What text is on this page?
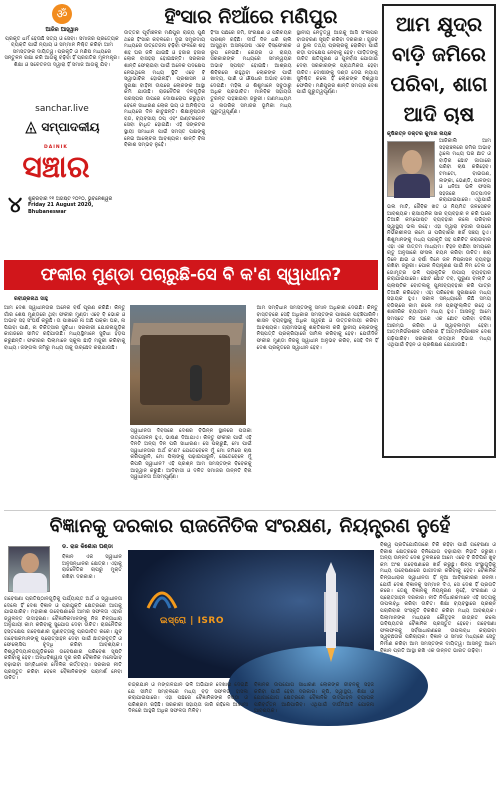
ॐ
ଆଜିର ଆହ୍ୱାନ
ପ୍ରକୃତ ଧର୍ମ ହେଉଛି ସତ୍ୟ ଓ ସେବା। ସମାଜର ପ୍ରତ୍ୟେକ ବ୍ୟକ୍ତି ପାଇଁ ନ୍ୟାୟ ଓ ସମ୍ମାନ ନିଶ୍ଚିତ କରିବା ଆମ ସମସ୍ତଙ୍କ ଦାୟିତ୍ୱ। ପ୍ରକୃତି ଓ ମଣିଷ ମଧ୍ୟରେ ସନ୍ତୁଳନ ରକ୍ଷା କରି ଆଗକୁ ବଢ଼ିବା ହିଁ ପ୍ରଗତିର ମୂଳମନ୍ତ୍ର। ଶିକ୍ଷା ଓ ସଚେତନତା ଦ୍ୱାରା ହିଁ ସମାଜ ଆଗକୁ ଯିବ।
sanchar.live
ସମ୍ପାଦକୀୟ
ସଞ୍ଚାର
DAINIK
୪	ଶୁକ୍ରବାର ୨୧ ଅଗଷ୍ଟ ୨୦୨୦, ଭୁବନେଶ୍ୱର
Friday 21 August 2020,
Bhubaneswar
ହିଂସାର ନିଆଁରେ ମଣିପୁର
ଉତ୍ତର ପୂର୍ବାଞ୍ଚଳର ମଣିପୁର ରାଜ୍ୟ ପୁଣି ଥରେ ହିଂସାର କବଳରେ। ଦୁଇ ସମ୍ପ୍ରଦାୟ ମଧ୍ୟରେ ଉତ୍ତେଜନା ବଢ଼ିବା ଫଳରେ ଶହ ଶହ ଘର ଜଳି ଯାଇଛି ଓ ହଜାର ହଜାର ଲୋକ ବାସହରା ହୋଇଛନ୍ତି। ସରକାର ଶାନ୍ତି ଫେରାଇବା ପାଇଁ ଅନେକ ପଦକ୍ଷେପ ନେଇଥିଲେ ମଧ୍ୟ ସ୍ଥିତି ଏବେ ବି ସ୍ୱାଭାବିକ ହୋଇନାହିଁ। ପ୍ରଶାସନ ଓ ସୁରକ୍ଷା ବାହିନୀ ଉପରେ ଲୋକଙ୍କ ଆସ୍ଥା କମି ଯାଉଛି। ରାଜନୈତିକ ଦଳଗୁଡ଼ିକ ପରସ୍ପର ଉପରେ ଦୋଷାରୋପ କରୁଥିବା ବେଳେ ସାଧାରଣ ଲୋକ ଭୟ ଓ ଅନିଶ୍ଚିତତା ମଧ୍ୟରେ ଦିନ କାଟୁଛନ୍ତି। ଶିକ୍ଷାନୁଷ୍ଠାନ ବନ୍ଦ, ବ୍ୟବସାୟ ଠପ୍ ଏବଂ ଇଣ୍ଟରନେଟ ସେବା ବାଧିତ ହୋଇଛି। ଏହି ସଙ୍କଟର ସ୍ଥାୟୀ ସମାଧାନ ପାଇଁ ସମସ୍ତ ପକ୍ଷଙ୍କୁ ନେଇ ଆଲୋଚନା ଆବଶ୍ୟକ। ଶାନ୍ତି ବିନା ବିକାଶ ସମ୍ଭବ ନୁହେଁ।
ହିଂସା ପଛରେ ଜମି, ସଂରକ୍ଷଣ ଓ ପରିଚୟର ପ୍ରଶ୍ନ ରହିଛି। ଦୀର୍ଘ ଦିନ ଧରି ଚାଲି ଆସୁଥିବା ଅସନ୍ତୋଷ ଏବେ ବିସ୍ଫୋରକ ରୂପ ନେଇଛି। କେନ୍ଦ୍ର ଓ ରାଜ୍ୟ ସରକାରଙ୍କ ମଧ୍ୟରେ ସମନ୍ୱୟର ଅଭାବ ସ୍ପଷ୍ଟ ହୋଇଛି। ଆଶ୍ରୟ ଶିବିରରେ ରହୁଥିବା ଲୋକଙ୍କ ପାଇଁ ଖାଦ୍ୟ, ପାଣି ଓ ଔଷଧର ଅଭାବ ଦେଖା ଦେଇଛି। ମହିଳା ଓ ଶିଶୁମାନେ ସବୁଠାରୁ ଅଧିକ ପ୍ରଭାବିତ। ମାନବିକ ସହାୟତା ତୁରନ୍ତ ପହଞ୍ଚାଇବା ଜରୁରୀ। ଗଣମାଧ୍ୟମ ଓ ନାଗରିକ ସମାଜର ଭୂମିକା ମଧ୍ୟ ଗୁରୁତ୍ୱପୂର୍ଣ୍ଣ।
ସ୍ଥାନୀୟ ନେତୃତ୍ୱ ଆଗକୁ ଆସି ସଂଳାପର ବାତାବରଣ ସୃଷ୍ଟି କରିବା ଦରକାର। ଗୁଜବ ଓ ଭୁଲ ତଥ୍ୟ ପ୍ରଚାରକୁ ରୋକିବା ପାଇଁ କଡ଼ା ପଦକ୍ଷେପ ନେବାକୁ ହେବ। ପୀଡ଼ିତଙ୍କୁ ଉଚିତ କ୍ଷତିପୂରଣ ଓ ପୁନର୍ବାସ ଯୋଗାଇ ଦେବା ସରକାରଙ୍କ ପ୍ରାଥମିକତା ହେବା ଉଚିତ। ଦୋଷୀଙ୍କୁ ଦଣ୍ଡ ଦେଇ ନ୍ୟାୟ ସୁନିଶ୍ଚିତ କଲେ ହିଁ ଲୋକଙ୍କ ବିଶ୍ୱାସ ଫେରିବ। ମଣିପୁରର ଶାନ୍ତି ସମଗ୍ର ଦେଶ ପାଇଁ ଗୁରୁତ୍ୱପୂର୍ଣ୍ଣ।
ଆମ କ୍ଷୁଦ୍ର ବାଡ଼ି ଜମିରେ ପରିବା, ଶାଗ ଆଦି ଚାଷ
କୃଷିରତ୍ନ ଡକ୍ଟର କୁମାର ନାୟକ
ଆଜିକାଲି ଆମ ସହରାଞ୍ଚଳରେ ଜମିର ଅଭାବ ଥିଲେ ମଧ୍ୟ ଘର ଛାତ ଓ ବାଡ଼ିର ଛୋଟ ଜାଗାରେ ପରିବା ଚାଷ କରିହେବ। ଟମାଟୋ, ବାଇଗଣ, ଲଙ୍କା, ଭେଣ୍ଡି, ପାଳଙ୍ଗ ଓ ଧନିଆ ଭଳି ଫସଲ ସହଜରେ ଉତ୍ପାଦନ କରାଯାଇପାରେ। ଏଥିପାଇଁ ଭଲ ମାଟି, ଜୈବିକ ଖତ ଓ ନିୟମିତ ଜଳସେଚନ ଆବଶ୍ୟକ। ରାସାୟନିକ ସାର ବ୍ୟବହାର ନ କରି ଘରେ ତିଆରି କମ୍ପୋଷ୍ଟ ବ୍ୟବହାର କଲେ ପରିବାର ସ୍ୱାସ୍ଥ୍ୟ ଭଲ ରହେ। ଏହା ଦ୍ୱାରା ବଜାର ଉପରେ ନିର୍ଭରଶୀଳତା କମେ ଓ ପରିବାରର ଖର୍ଚ୍ଚ ସଞ୍ଚୟ ହୁଏ। ଶିଶୁମାନଙ୍କୁ ମଧ୍ୟ ପ୍ରକୃତି ସହ ପରିଚିତ କରାଇବାର ଏହା ଏକ ଉତ୍ତମ ମାଧ୍ୟମ। ବିହନ ବାଛିବା ସମୟରେ ଋତୁ ଅନୁସାରେ ଫସଲ ଚୟନ କରିବା ଉଚିତ। ଖରା ଦିନେ ଛାଇ ଓ ବର୍ଷା ଦିନେ ଜଳ ନିଷ୍କାସନ ବ୍ୟବସ୍ଥା ରଖିବା ଜରୁରୀ। ପୋକ ନିୟନ୍ତ୍ରଣ ପାଇଁ ନିମ ତେଲ ଓ ଗୋମୂତ୍ର ଭଳି ପ୍ରାକୃତିକ ଉପାୟ ବ୍ୟବହାର କରାଯାଇପାରେ। ଛୋଟ ଛୋଟ ଟବ, ପୁରୁଣା ବାଲ୍ଟି ଓ ପ୍ଲାଷ୍ଟିକ ବୋତଲକୁ ପୁନଃବ୍ୟବହାର କରି ପାତ୍ର ତିଆରି କରିହେବ। ଏହା ପରିବେଶ ସୁରକ୍ଷାରେ ମଧ୍ୟ ସହାୟକ ହୁଏ। ସକାଳ ସନ୍ଧ୍ୟାରେ କିଛି ସମୟ ବଗିଚାରେ କାମ କଲେ ମନ ପ୍ରଫୁଲ୍ଲିତ ରହେ ଓ ଶାରୀରିକ ବ୍ୟାୟାମ ମଧ୍ୟ ହୁଏ। ଆସନ୍ତୁ ଆମେ ସମସ୍ତେ ନିଜ ଘରେ ଏକ ଛୋଟ ପରିବା ବଗିଚା ଆରମ୍ଭ କରିବା ଓ ସ୍ୱାବଲମ୍ବୀ ହେବା। ଆତ୍ମନିର୍ଭରଶୀଳ ପରିବାର ହିଁ ଆତ୍ମନିର୍ଭରଶୀଳ ଦେଶ ଗଢ଼ିପାରିବ। ସରକାରୀ ଉଦ୍ୟାନ ବିଭାଗ ମଧ୍ୟ ଏଥିପାଇଁ ବିହନ ଓ ପ୍ରଶିକ୍ଷଣ ଯୋଗାଉଛି।
ଫକୀର ମୁଣ୍ଡା ପଚାରୁଛି-ସେ ବି କ'ଣ ସ୍ୱାଧୀନ?
ରବୀନ୍ଦ୍ରନାଥ ସାହୁ
ଆମ ଦେଶ ସ୍ୱାଧୀନତାର ଅନେକ ବର୍ଷ ପୂରଣ କରିଛି। କିନ୍ତୁ ଗାଁର ଶେଷ ମୁଣ୍ଡରେ ଥିବା ଫକୀର ମୁଣ୍ଡା ଏବେ ବି ଭୋକ ଓ ଅଭାବ ସହ ସଂଘର୍ଷ କରୁଛି। ତା ପାଖରେ ନା ଅଛି ପକ୍କା ଘର, ନା ପିଇବା ପାଣି, ନା ଚିକିତ୍ସାର ସୁବିଧା। ସରକାରୀ ଯୋଜନାଗୁଡ଼ିକ କାଗଜରେ ସୀମିତ ରହିଯାଉଛି। ମଧ୍ୟସ୍ଥିମାନେ ସୁବିଧା ହଡ଼ପ କରୁଛନ୍ତି। ଫକୀରର ପିଲାମାନେ ସ୍କୁଲ ଛାଡ଼ି ମଜୁରୀ କରିବାକୁ ବାଧ୍ୟ। ଜଙ୍ଗଲ ଜମିରୁ ମଧ୍ୟ ତାକୁ ଉଚ୍ଛେଦ କରାଯାଉଛି।
ସ୍ୱାଧୀନତା ଦିବସରେ ଦେଶର ବିଭିନ୍ନ ସ୍ଥାନରେ ପତାକା ଉତ୍ତୋଳନ ହୁଏ, ଭାଷଣ ଦିଆଯାଏ। କିନ୍ତୁ ଫକୀର ପାଇଁ ଏହି ଦିନଟି ଅନ୍ୟ ଦିନ ପରି ସାଧାରଣ। ସେ ପଚାରୁଛି, ମୋ ପାଇଁ ସ୍ୱାଧୀନତାର ଅର୍ଥ କ'ଣ? ଯେତେବେଳେ ମୁଁ ମୋ ଜମିରେ ଚାଷ କରିପାରୁନି, ମୋ ପିଲାଙ୍କୁ ପଢ଼ାଇପାରୁନି, ସେତେବେଳେ ମୁଁ କିପରି ସ୍ୱାଧୀନ? ଏହି ପ୍ରଶ୍ନ ଆମ ସମସ୍ତଙ୍କ ବିବେକକୁ ଆହ୍ୱାନ କରୁଛି। ଆଦିବାସୀ ଓ ଦଳିତ ସମାଜର ଉନ୍ନତି ବିନା ସ୍ୱାଧୀନତା ଅସମ୍ପୂର୍ଣ୍ଣ।
ଆମ ସମ୍ବିଧାନ ସମସ୍ତଙ୍କୁ ସମାନ ଅଧିକାର ଦେଇଛି। କିନ୍ତୁ ବାସ୍ତବରେ ସେହି ଅଧିକାର ସମସ୍ତଙ୍କ ପାଖରେ ପହଞ୍ଚିପାରିନି। ଶାସନ ବ୍ୟବସ୍ଥାକୁ ଅଧିକ ସ୍ୱଚ୍ଛ ଓ ଉତ୍ତରଦାୟୀ କରିବା ଆବଶ୍ୟକ। ଗ୍ରାମସଭାକୁ ଶକ୍ତିଶାଳୀ କରି ସ୍ଥାନୀୟ ଲୋକଙ୍କୁ ନିଷ୍ପତ୍ତି ପ୍ରକ୍ରିୟାରେ ସାମିଲ କରିବାକୁ ହେବ। ଯେଉଁଦିନ ଫକୀର ମୁଣ୍ଡା ନିଜକୁ ସ୍ୱାଧୀନ ଅନୁଭବ କରିବ, ସେହି ଦିନ ହିଁ ଦେଶ ପ୍ରକୃତରେ ସ୍ୱାଧୀନ ହେବ।
ବିଜ୍ଞାନକୁ ଦରକାର ରାଜନୈତିକ ସଂରକ୍ଷଣ, ନିୟନ୍ତ୍ରଣ ନୁହେଁ
ଡ. ରାଜ କିଶୋର ପଣ୍ଡା
ବିଜ୍ଞାନ ଏକ ସ୍ୱାଧୀନ ଅନୁସନ୍ଧାନର କ୍ଷେତ୍ର। ଏହାକୁ ରାଜନୈତିକ ଚାପରୁ ମୁକ୍ତ ରଖିବା ଦରକାର।
ଗବେଷଣା ପ୍ରତିଷ୍ଠାନଗୁଡ଼ିକୁ ପର୍ଯ୍ୟାପ୍ତ ଅର୍ଥ ଓ ସ୍ୱାଧୀନତା ଦେଲେ ହିଁ ଦେଶ ବିଜ୍ଞାନ ଓ ପ୍ରଯୁକ୍ତି କ୍ଷେତ୍ରରେ ଆଗକୁ ଯାଇପାରିବ। ମହାକାଶ ଗବେଷଣାରେ ଆମର ସଫଳତା ଏହାର ଜ୍ୱଳନ୍ତ ଉଦାହରଣ। ବୈଜ୍ଞାନିକମାନଙ୍କୁ ନିଜ ଚିନ୍ତାଧାରା ଅନୁଯାୟୀ କାମ କରିବାକୁ ସୁଯୋଗ ଦେବା ଉଚିତ। ରାଜନୈତିକ ହସ୍ତକ୍ଷେପ ଗବେଷଣାର ଗୁଣବତ୍ତାକୁ ପ୍ରଭାବିତ କରେ। ଯୁବ ଗବେଷକମାନଙ୍କୁ ପ୍ରୋତ୍ସାହନ ଦେବା ପାଇଁ ଛାତ୍ରବୃତ୍ତି ଓ ଫେଲୋସିପ ବୃଦ୍ଧି କରିବା ଆବଶ୍ୟକ। ବିଶ୍ୱବିଦ୍ୟାଳୟଗୁଡ଼ିକରେ ଗବେଷଣାର ପରିବେଶ ସୃଷ୍ଟି କରିବାକୁ ହେବ। ଅନ୍ଧବିଶ୍ୱାସ ଦୂର କରି ବୈଜ୍ଞାନିକ ମନୋଭାବ ବଢ଼ାଇବା ସମ୍ବିଧାନର ମୌଳିକ କର୍ତ୍ତବ୍ୟ। ସରକାର ନୀତି ପ୍ରସ୍ତୁତ କରିବା ବେଳେ ବୈଜ୍ଞାନିକଙ୍କ ପରାମର୍ଶ ନେବା ଉଚିତ।
ଇସ୍ରୋ | ISRO
ଚନ୍ଦ୍ରଯାନ ଓ ମଙ୍ଗଳଯାନ ଭଳି ଅଭିଯାନ ଦେଖାଇ ଦେଇଛି ଯେ ସୀମିତ ସମ୍ବଳରେ ମଧ୍ୟ ବଡ଼ ସଫଳତା ହାସଲ କରାଯାଇପାରେ। ଏହା ପଛରେ ବୈଜ୍ଞାନିକଙ୍କ ନିଷ୍ଠା ଓ ପରିଶ୍ରମ ରହିଛି। ସରକାରୀ ସହାୟତା ଜାରି ରହିଲେ ଆଗାମୀ ଦିନରେ ଆହୁରି ଅଧିକ ସଫଳତା ମିଳିବ।
ବିଜ୍ଞାନର ଉପଯୋଗ ସାଧାରଣ ଲୋକଙ୍କ ଜୀବନକୁ ସହଜ କରିବା ପାଇଁ ହେବା ଦରକାର। କୃଷି, ସ୍ୱାସ୍ଥ୍ୟ, ଶିକ୍ଷା ଓ ଯୋଗାଯୋଗ କ୍ଷେତ୍ରରେ ବୈଜ୍ଞାନିକ ଉଦ୍ଭାବନ ବ୍ୟାପକ ପରିବର୍ତ୍ତନ ଆଣିପାରିବ। ଏଥିପାଇଁ ଦୀର୍ଘମିଆଦି ଯୋଜନା ଆବଶ୍ୟକ।
ବିଶ୍ୱ ପ୍ରତିଯୋଗିତାରେ ଟିକି ରହିବା ପାଇଁ ଗବେଷଣା ଓ ବିକାଶ କ୍ଷେତ୍ରରେ ବିନିଯୋଗ ବଢ଼ାଇବା ନିହାତି ଜରୁରୀ। ଅନ୍ୟ ଉନ୍ନତ ଦେଶ ତୁଳନାରେ ଆମେ ଏବେ ବି ଜିଡିପିର ଖୁବ କମ ଅଂଶ ଗବେଷଣାରେ ଖର୍ଚ୍ଚ କରୁଛୁ। ଶିଳ୍ପ ସଂସ୍ଥାଗୁଡ଼ିକୁ ମଧ୍ୟ ଗବେଷଣାରେ ଭାଗୀଦାର କରିବାକୁ ହେବ। ବୈଜ୍ଞାନିକ ଚିନ୍ତାଧାରାର ସ୍ୱାଧୀନତା ହିଁ ନୂଆ ଆବିଷ୍କାରର ଜନନୀ। ଯେଉଁ ଦେଶ ବିଜ୍ଞାନକୁ ସମ୍ମାନ ଦିଏ, ସେ ଦେଶ ହିଁ ପ୍ରଗତି କରେ। ତେଣୁ ବିଜ୍ଞାନକୁ ନିୟନ୍ତ୍ରଣ ନୁହେଁ, ସଂରକ୍ଷଣ ଓ ପ୍ରୋତ୍ସାହନ ଦରକାର। ନୀତି ନିର୍ଦ୍ଧାରକମାନେ ଏହି ସତ୍ୟକୁ ଉପଲବ୍ଧି କରିବା ଉଚିତ। ଶିକ୍ଷା ବ୍ୟବସ୍ଥାରେ ପ୍ରଶ୍ନ ପଚାରିବାର ସଂସ୍କୃତି ବିକଶିତ କରିବା ମଧ୍ୟ ଆବଶ୍ୟକ। ପିଲାମାନଙ୍କ ମଧ୍ୟରେ କୌତୂହଳ ଜାଗ୍ରତ କଲେ ଭବିଷ୍ୟତର ବୈଜ୍ଞାନିକ ପ୍ରସ୍ତୁତ ହେବେ। ଗବେଷଣା ଫଳାଫଳକୁ ସର୍ବସାଧାରଣରେ ଉପଲବ୍ଧ କରାଇବା ସ୍ୱଚ୍ଛତାର ପରିଚାୟକ। ବିଜ୍ଞାନ ଓ ସମାଜ ମଧ୍ୟରେ ସେତୁ ନିର୍ମାଣ କରିବା ଆମ ସମସ୍ତଙ୍କ ଦାୟିତ୍ୱ। ଆସନ୍ତୁ ଆମେ ବିଜ୍ଞାନ ପ୍ରତି ଆସ୍ଥା ରଖି ଏକ ଉନ୍ନତ ଭାରତ ଗଢ଼ିବା।
